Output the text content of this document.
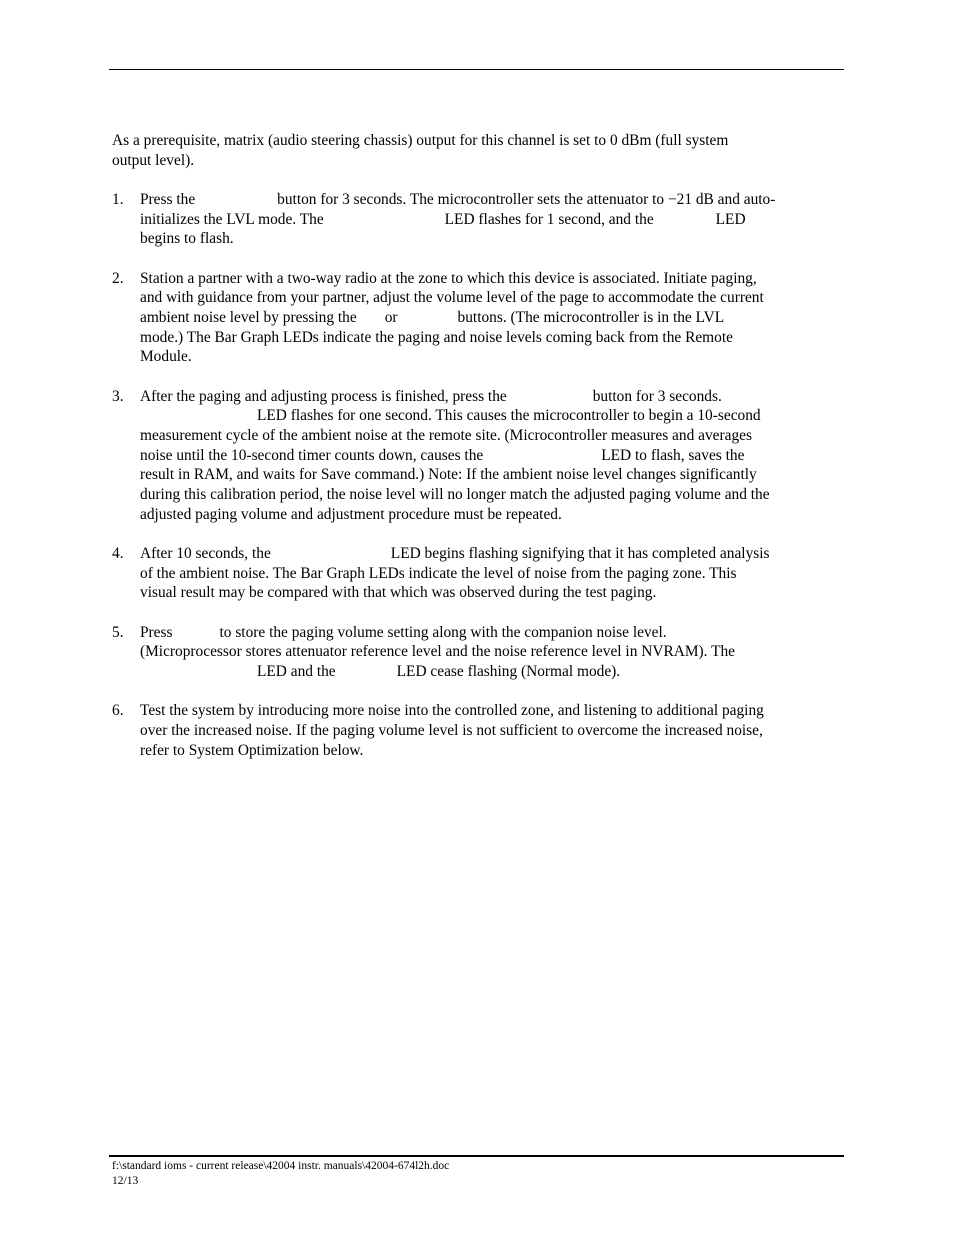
As a prerequisite, matrix (audio steering chassis) output for this channel is set to 0 dBm (full system
output level).

1. Press the	button for 3 seconds. The microcontroller sets the attenuator to −21 dB and auto-
initializes the LVL mode. The	LED flashes for 1 second, and the	LED
begins to flash.
2. Station a partner with a two-way radio at the zone to which this device is associated. Initiate paging,
and with guidance from your partner, adjust the volume level of the page to accommodate the current
ambient noise level by pressing the or	buttons. (The microcontroller is in the LVL
mode.) The Bar Graph LEDs indicate the paging and noise levels coming back from the Remote
Module.
3. After the paging and adjusting process is finished, press the	button for 3 seconds.
LED flashes for one second. This causes the microcontroller to begin a 10-second
measurement cycle of the ambient noise at the remote site. (Microcontroller measures and averages
noise until the 10-second timer counts down, causes the	LED to flash, saves the
result in RAM, and waits for Save command.) Note: If the ambient noise level changes significantly
during this calibration period, the noise level will no longer match the adjusted paging volume and the
adjusted paging volume and adjustment procedure must be repeated.
4. After 10 seconds, the	LED begins flashing signifying that it has completed analysis
of the ambient noise. The Bar Graph LEDs indicate the level of noise from the paging zone. This
visual result may be compared with that which was observed during the test paging.
5. Press	to store the paging volume setting along with the companion noise level.
(Microprocessor stores attenuator reference level and the noise reference level in NVRAM). The
LED and the	LED cease flashing (Normal mode).
6. Test the system by introducing more noise into the controlled zone, and listening to additional paging
over the increased noise. If the paging volume level is not sufficient to overcome the increased noise,
refer to System Optimization below.
f:\standard ioms - current release\42004 instr. manuals\42004-674l2h.doc
12/13
